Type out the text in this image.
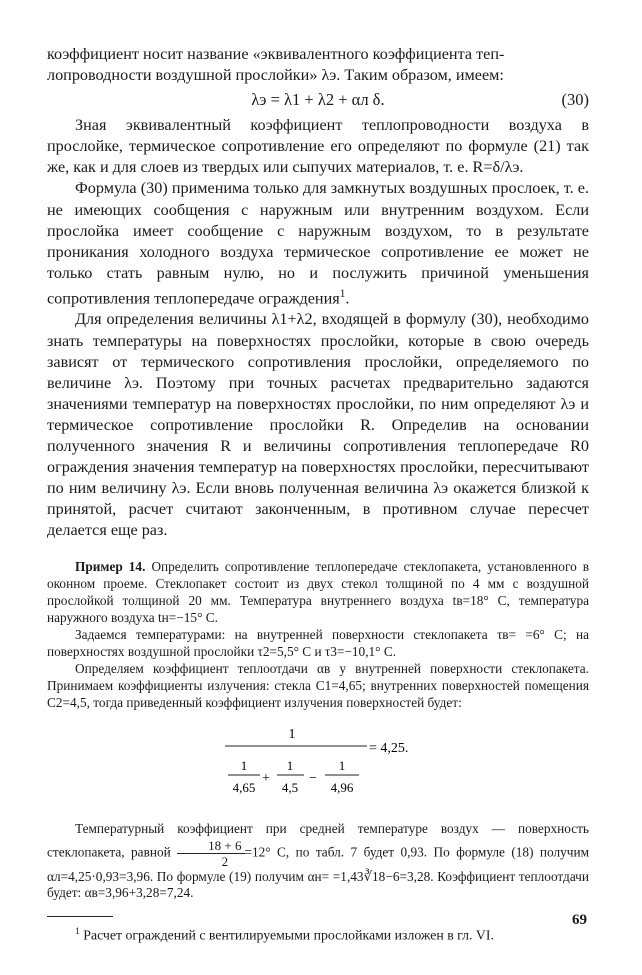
коэффициент носит название «эквивалентного коэффициента теп-
лопроводности воздушной прослойки» λэ. Таким образом, имеем:

λэ = λ1 + λ2 + αл δ.	(30)

Зная эквивалентный коэффициент теплопроводности воздуха в прослойке, термическое сопротивление его определяют по формуле (21) так же, как и для слоев из твердых или сыпучих материалов, т. е. R=δ/λэ.

Формула (30) применима только для замкнутых воздушных прослоек, т. е. не имеющих сообщения с наружным или внутренним воздухом. Если прослойка имеет сообщение с наружным воздухом, то в результате проникания холодного воздуха термическое сопротивление ее может не только стать равным нулю, но и послужить причиной уменьшения сопротивления теплопередаче ограждения$^1$.

Для определения величины λ1+λ2, входящей в формулу (30), необходимо знать температуры на поверхностях прослойки, которые в свою очередь зависят от термического сопротивления прослойки, определяемого по величине λэ. Поэтому при точных расчетах предварительно задаются значениями температур на поверхностях прослойки, по ним определяют λэ и термическое сопротивление прослойки R. Определив на основании полученного значения R и величины сопротивления теплопередаче R0 ограждения значения температур на поверхностях прослойки, пересчитывают по ним величину λэ. Если вновь полученная величина λэ окажется близкой к принятой, расчет считают законченным, в противном случае пересчет делается еще раз.

Пример 14. Определить сопротивление теплопередаче стеклопакета, установленного в оконном проеме. Стеклопакет состоит из двух стекол толщиной по 4 мм с воздушной прослойкой толщиной 20 мм. Температура внутреннего воздуха tв=18° C, температура наружного воздуха tн=−15° C.

Задаемся температурами: на внутренней поверхности стеклопакета τв= =6° C; на поверхностях воздушной прослойки τ2=5,5° C и τ3=−10,1° C.

Определяем коэффициент теплоотдачи αв у внутренней поверхности стеклопакета. Принимаем коэффициенты излучения: стекла C1=4,65; внутренних поверхностей помещения C2=4,5, тогда приведенный коэффициент излучения поверхностей будет:

1
= 4,25.
1
4,65
+
1
4,5
−
1
4,96

Температурный коэффициент при средней температуре воздух — поверхность стеклопакета, равной $\frac{18 + 6}{2} =12^\circ$ C, по табл. 7 будет 0,93. По формуле (18) получим αл=4,25·0,93=3,96. По формуле (19) получим αн= =1,43∛18−6=3,28. Коэффициент теплоотдачи будет: αв=3,96+3,28=7,24.

$^1$ Расчет ограждений с вентилируемыми прослойками изложен в гл. VI.
69
